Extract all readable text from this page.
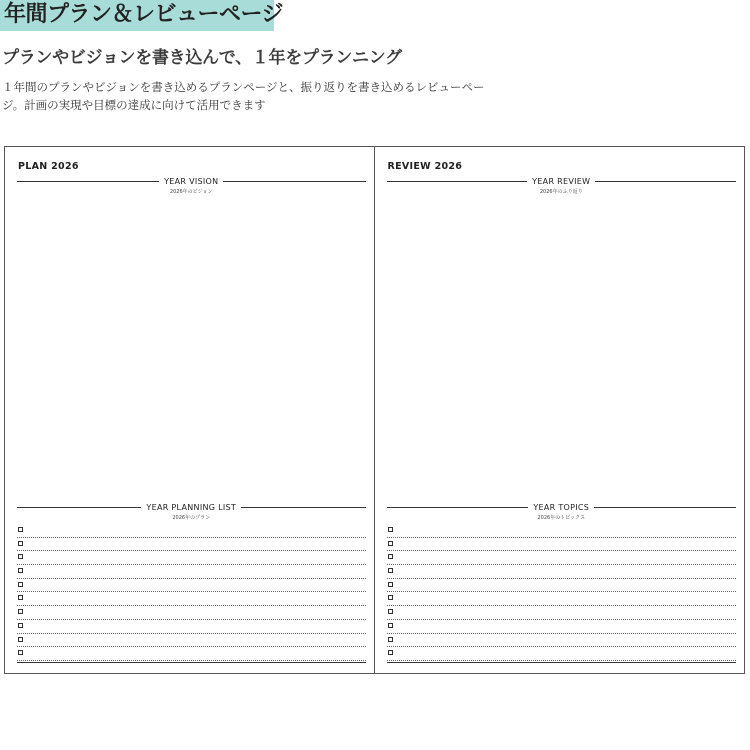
年間プラン＆レビューページ
プランやビジョンを書き込んで、１年をプランニング

１年間のプランやビジョンを書き込めるプランページと、振り返りを書き込めるレビューページ。計画の実現や目標の達成に向けて活用できます

PLAN 2026
YEAR VISION
2026年のビジョン
YEAR PLANNING LIST
2026年のプラン
REVIEW 2026
YEAR REVIEW
2026年のふり返り
YEAR TOPICS
2026年のトピックス
